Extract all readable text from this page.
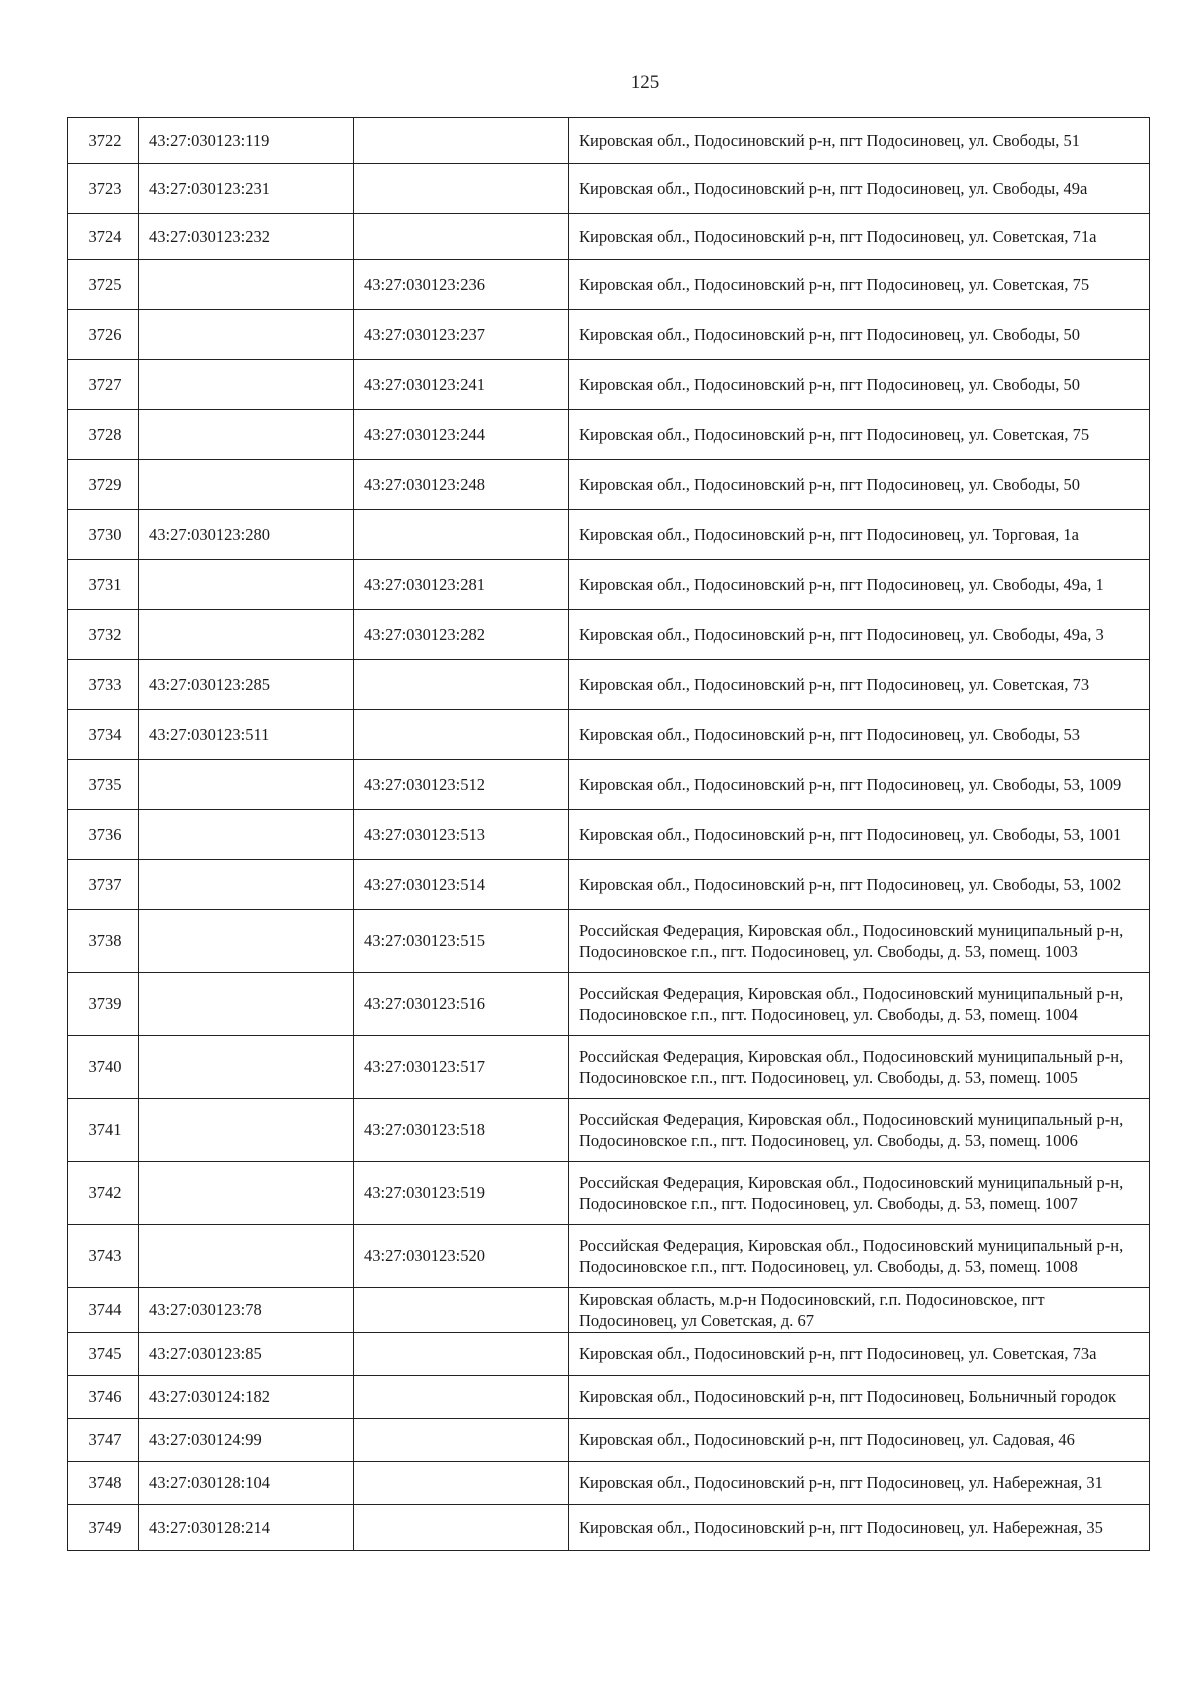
125
3722	43:27:030123:119		Кировская обл., Подосиновский р-н, пгт Подосиновец, ул. Свободы, 51
3723	43:27:030123:231		Кировская обл., Подосиновский р-н, пгт Подосиновец, ул. Свободы, 49а
3724	43:27:030123:232		Кировская обл., Подосиновский р-н, пгт Подосиновец, ул. Советская, 71а
3725		43:27:030123:236	Кировская обл., Подосиновский р-н, пгт Подосиновец, ул. Советская, 75
3726		43:27:030123:237	Кировская обл., Подосиновский р-н, пгт Подосиновец, ул. Свободы, 50
3727		43:27:030123:241	Кировская обл., Подосиновский р-н, пгт Подосиновец, ул. Свободы, 50
3728		43:27:030123:244	Кировская обл., Подосиновский р-н, пгт Подосиновец, ул. Советская, 75
3729		43:27:030123:248	Кировская обл., Подосиновский р-н, пгт Подосиновец, ул. Свободы, 50
3730	43:27:030123:280		Кировская обл., Подосиновский р-н, пгт Подосиновец, ул. Торговая, 1а
3731		43:27:030123:281	Кировская обл., Подосиновский р-н, пгт Подосиновец, ул. Свободы, 49а, 1
3732		43:27:030123:282	Кировская обл., Подосиновский р-н, пгт Подосиновец, ул. Свободы, 49а, 3
3733	43:27:030123:285		Кировская обл., Подосиновский р-н, пгт Подосиновец, ул. Советская, 73
3734	43:27:030123:511		Кировская обл., Подосиновский р-н, пгт Подосиновец, ул. Свободы, 53
3735		43:27:030123:512	Кировская обл., Подосиновский р-н, пгт Подосиновец, ул. Свободы, 53, 1009
3736		43:27:030123:513	Кировская обл., Подосиновский р-н, пгт Подосиновец, ул. Свободы, 53, 1001
3737		43:27:030123:514	Кировская обл., Подосиновский р-н, пгт Подосиновец, ул. Свободы, 53, 1002
3738		43:27:030123:515	Российская Федерация, Кировская обл., Подосиновский муниципальный р-н, Подосиновское г.п., пгт. Подосиновец, ул. Свободы, д. 53, помещ. 1003
3739		43:27:030123:516	Российская Федерация, Кировская обл., Подосиновский муниципальный р-н, Подосиновское г.п., пгт. Подосиновец, ул. Свободы, д. 53, помещ. 1004
3740		43:27:030123:517	Российская Федерация, Кировская обл., Подосиновский муниципальный р-н, Подосиновское г.п., пгт. Подосиновец, ул. Свободы, д. 53, помещ. 1005
3741		43:27:030123:518	Российская Федерация, Кировская обл., Подосиновский муниципальный р-н, Подосиновское г.п., пгт. Подосиновец, ул. Свободы, д. 53, помещ. 1006
3742		43:27:030123:519	Российская Федерация, Кировская обл., Подосиновский муниципальный р-н, Подосиновское г.п., пгт. Подосиновец, ул. Свободы, д. 53, помещ. 1007
3743		43:27:030123:520	Российская Федерация, Кировская обл., Подосиновский муниципальный р-н, Подосиновское г.п., пгт. Подосиновец, ул. Свободы, д. 53, помещ. 1008
3744	43:27:030123:78		Кировская область, м.р-н Подосиновский, г.п. Подосиновское, пгт Подосиновец, ул Советская, д. 67
3745	43:27:030123:85		Кировская обл., Подосиновский р-н, пгт Подосиновец, ул. Советская, 73а
3746	43:27:030124:182		Кировская обл., Подосиновский р-н, пгт Подосиновец, Больничный городок
3747	43:27:030124:99		Кировская обл., Подосиновский р-н, пгт Подосиновец, ул. Садовая, 46
3748	43:27:030128:104		Кировская обл., Подосиновский р-н, пгт Подосиновец, ул. Набережная, 31
3749	43:27:030128:214		Кировская обл., Подосиновский р-н, пгт Подосиновец, ул. Набережная, 35
